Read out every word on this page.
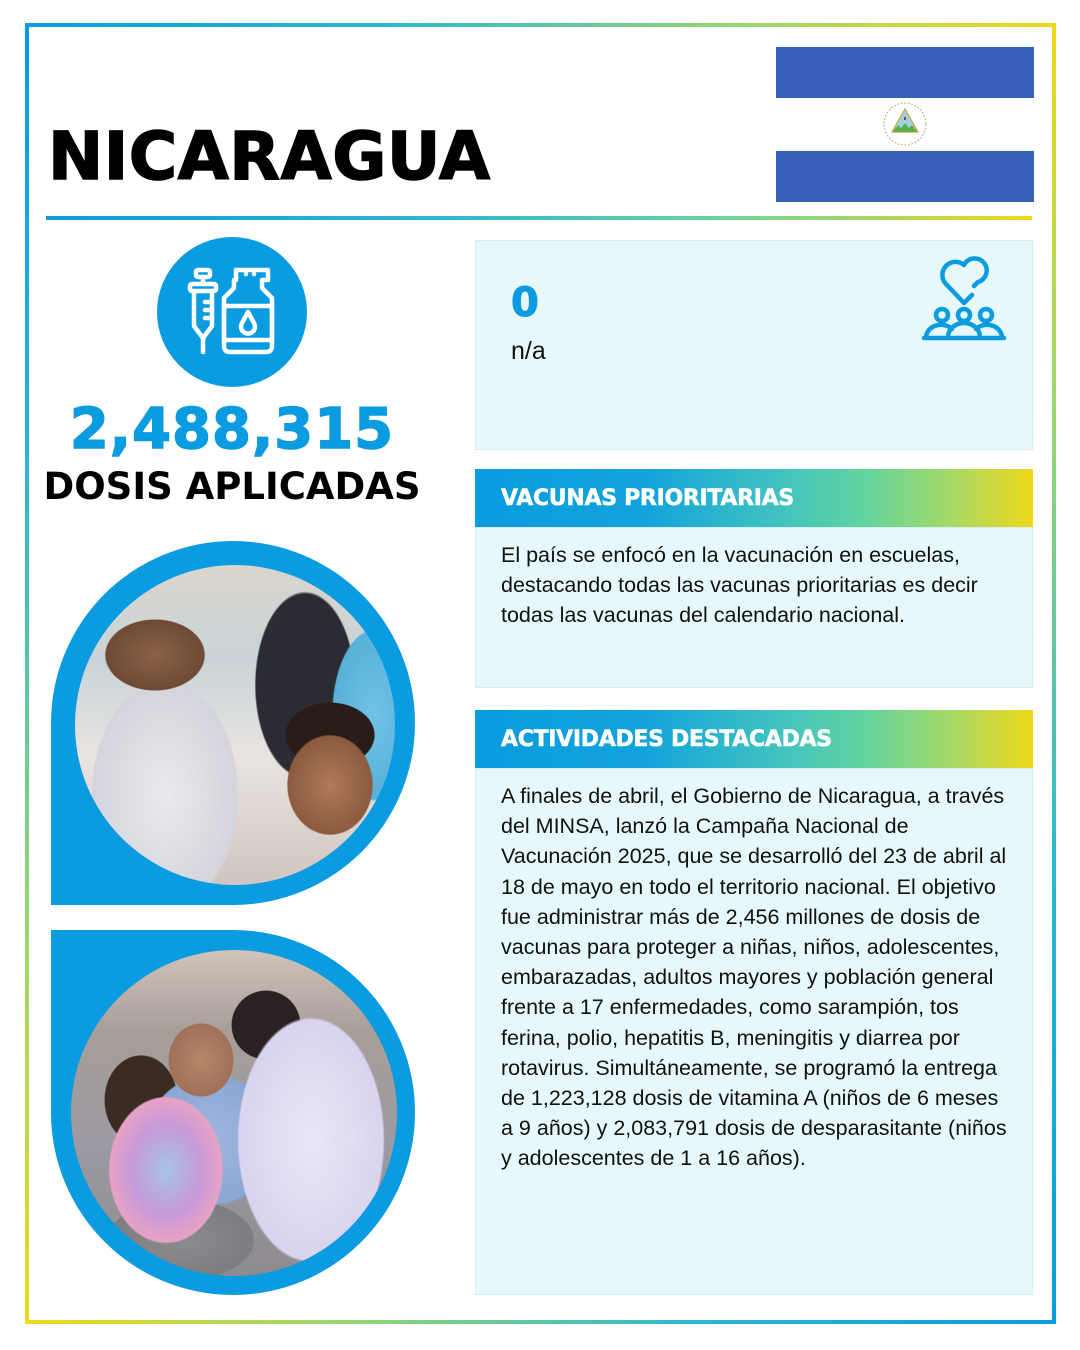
NICARAGUA
2,488,315
DOSIS APLICADAS
0
n/a
VACUNAS PRIORITARIAS

El país se enfocó en la vacunación en escuelas, destacando todas las vacunas prioritarias es decir todas las vacunas del calendario nacional.

ACTIVIDADES DESTACADAS

A finales de abril, el Gobierno de Nicaragua, a través del MINSA, lanzó la Campaña Nacional de Vacunación 2025, que se desarrolló del 23 de abril al 18 de mayo en todo el territorio nacional. El objetivo fue administrar más de 2,456 millones de dosis de vacunas para proteger a niñas, niños, adolescentes, embarazadas, adultos mayores y población general frente a 17 enfermedades, como sarampión, tos ferina, polio, hepatitis B, meningitis y diarrea por rotavirus. Simultáneamente, se programó la entrega de 1,223,128 dosis de vitamina A (niños de 6 meses a 9 años) y 2,083,791 dosis de desparasitante (niños y adolescentes de 1 a 16 años).
